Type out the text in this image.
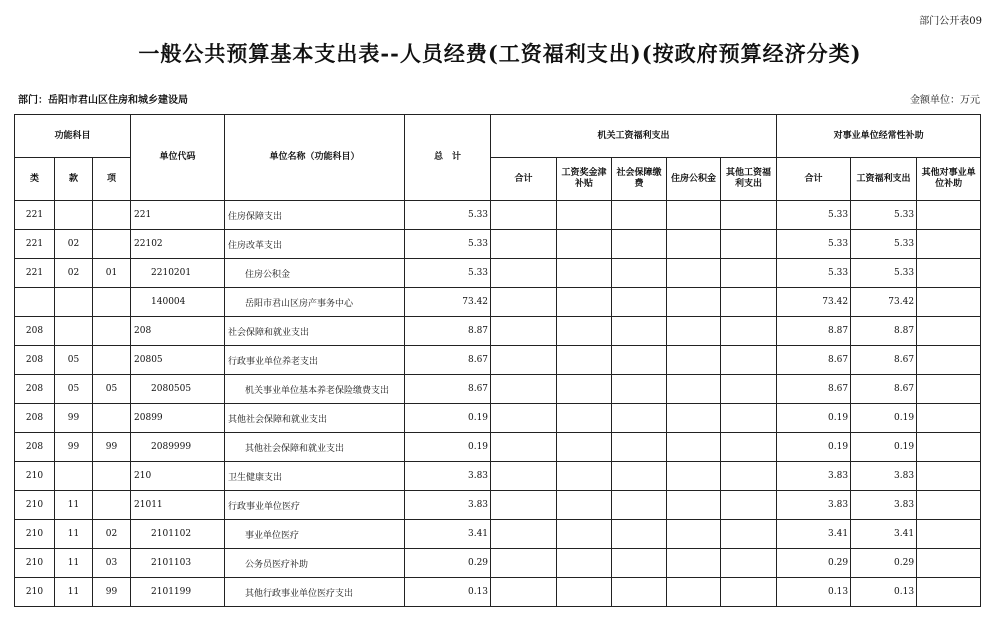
部门公开表09
一般公共预算基本支出表--人员经费(工资福利支出)(按政府预算经济分类)
部门：岳阳市君山区住房和城乡建设局	金额单位：万元
功能科目			单位代码	单位名称（功能科目）	总　计	机关工资福利支出					对事业单位经常性补助		
类	款	项				合计	工资奖金津补贴	社会保障缴费	住房公积金	其他工资福利支出	合计	工资福利支出	其他对事业单位补助
221			221	住房保障支出	5.33						5.33	5.33	
221	02		22102	住房改革支出	5.33						5.33	5.33	
221	02	01	2210201	住房公积金	5.33						5.33	5.33	
			140004	岳阳市君山区房产事务中心	73.42						73.42	73.42	
208			208	社会保障和就业支出	8.87						8.87	8.87	
208	05		20805	行政事业单位养老支出	8.67						8.67	8.67	
208	05	05	2080505	机关事业单位基本养老保险缴费支出	8.67						8.67	8.67	
208	99		20899	其他社会保障和就业支出	0.19						0.19	0.19	
208	99	99	2089999	其他社会保障和就业支出	0.19						0.19	0.19	
210			210	卫生健康支出	3.83						3.83	3.83	
210	11		21011	行政事业单位医疗	3.83						3.83	3.83	
210	11	02	2101102	事业单位医疗	3.41						3.41	3.41	
210	11	03	2101103	公务员医疗补助	0.29						0.29	0.29	
210	11	99	2101199	其他行政事业单位医疗支出	0.13						0.13	0.13	
